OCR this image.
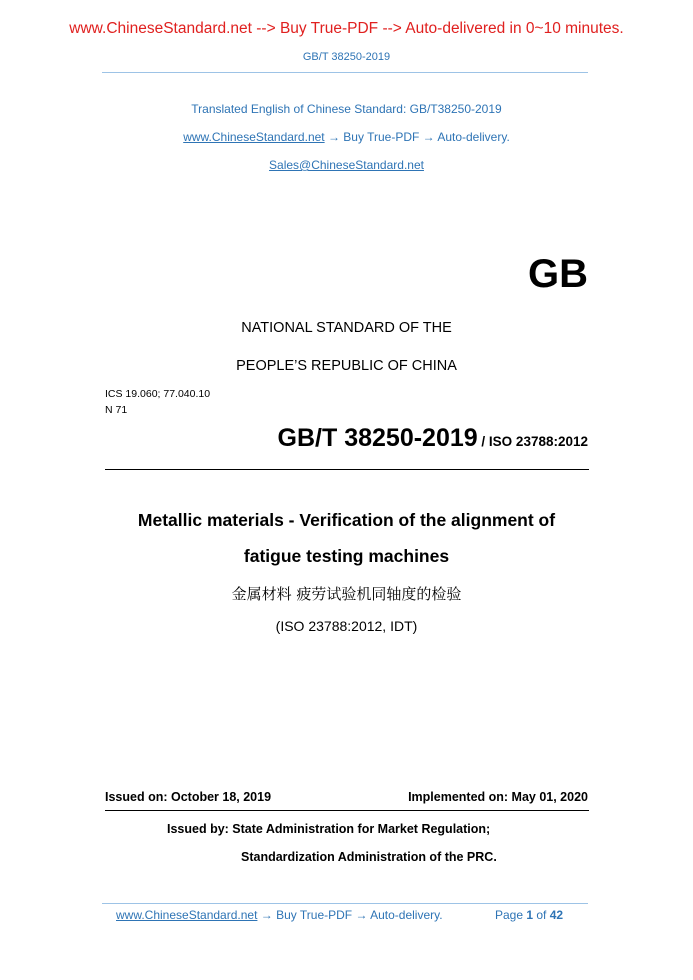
www.ChineseStandard.net --> Buy True-PDF --> Auto-delivered in 0~10 minutes.
GB/T 38250-2019
Translated English of Chinese Standard: GB/T38250-2019
www.ChineseStandard.net → Buy True-PDF → Auto-delivery.
Sales@ChineseStandard.net
GB
NATIONAL STANDARD OF THE
PEOPLE’S REPUBLIC OF CHINA
ICS 19.060; 77.040.10
N 71
GB/T 38250-2019 / ISO 23788:2012
Metallic materials - Verification of the alignment of
fatigue testing machines
金属材料 疲劳试验机同轴度的检验
(ISO 23788:2012, IDT)
Issued on: October 18, 2019	Implemented on: May 01, 2020
Issued by: State Administration for Market Regulation;
Standardization Administration of the PRC.
www.ChineseStandard.net → Buy True-PDF → Auto-delivery.	Page 1 of 42
